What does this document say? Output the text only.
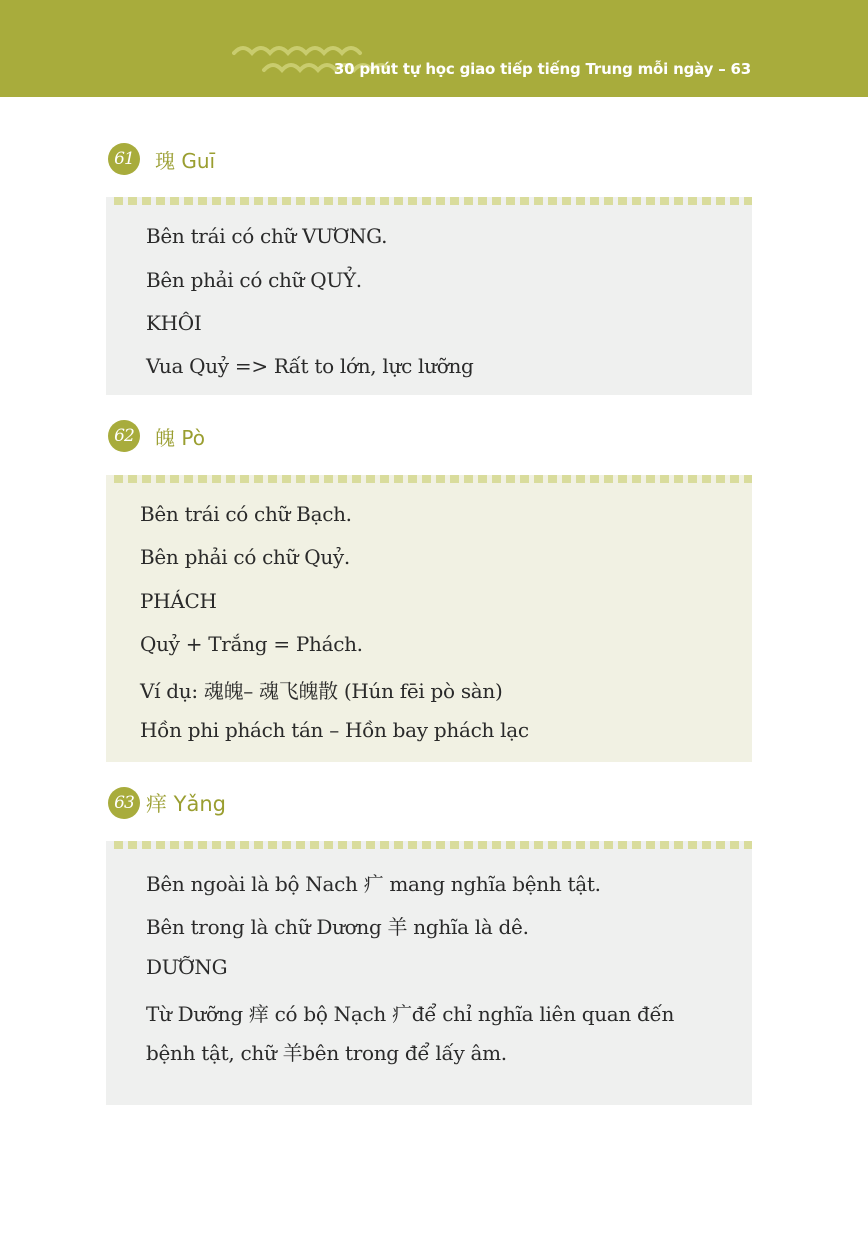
30 phút tự học giao tiếp tiếng Trung mỗi ngày – 63
61	瑰 Guī
Bên trái có chữ VƯƠNG.
Bên phải có chữ QUỶ.
KHÔI
Vua Quỷ => Rất to lớn, lực lưỡng
62	魄 Pò
Bên trái có chữ Bạch.
Bên phải có chữ Quỷ.
PHÁCH
Quỷ + Trắng = Phách.
Ví dụ: 魂魄– 魂飞魄散 (Hún fēi pò sàn)
Hồn phi phách tán – Hồn bay phách lạc
63 痒 Yǎng
Bên ngoài là bộ Nach 疒 mang nghĩa bệnh tật.
Bên trong là chữ Dương 羊 nghĩa là dê.
DƯỠNG
Từ Dưỡng 痒 có bộ Nạch 疒để chỉ nghĩa liên quan đến
bệnh tật, chữ 羊bên trong để lấy âm.
